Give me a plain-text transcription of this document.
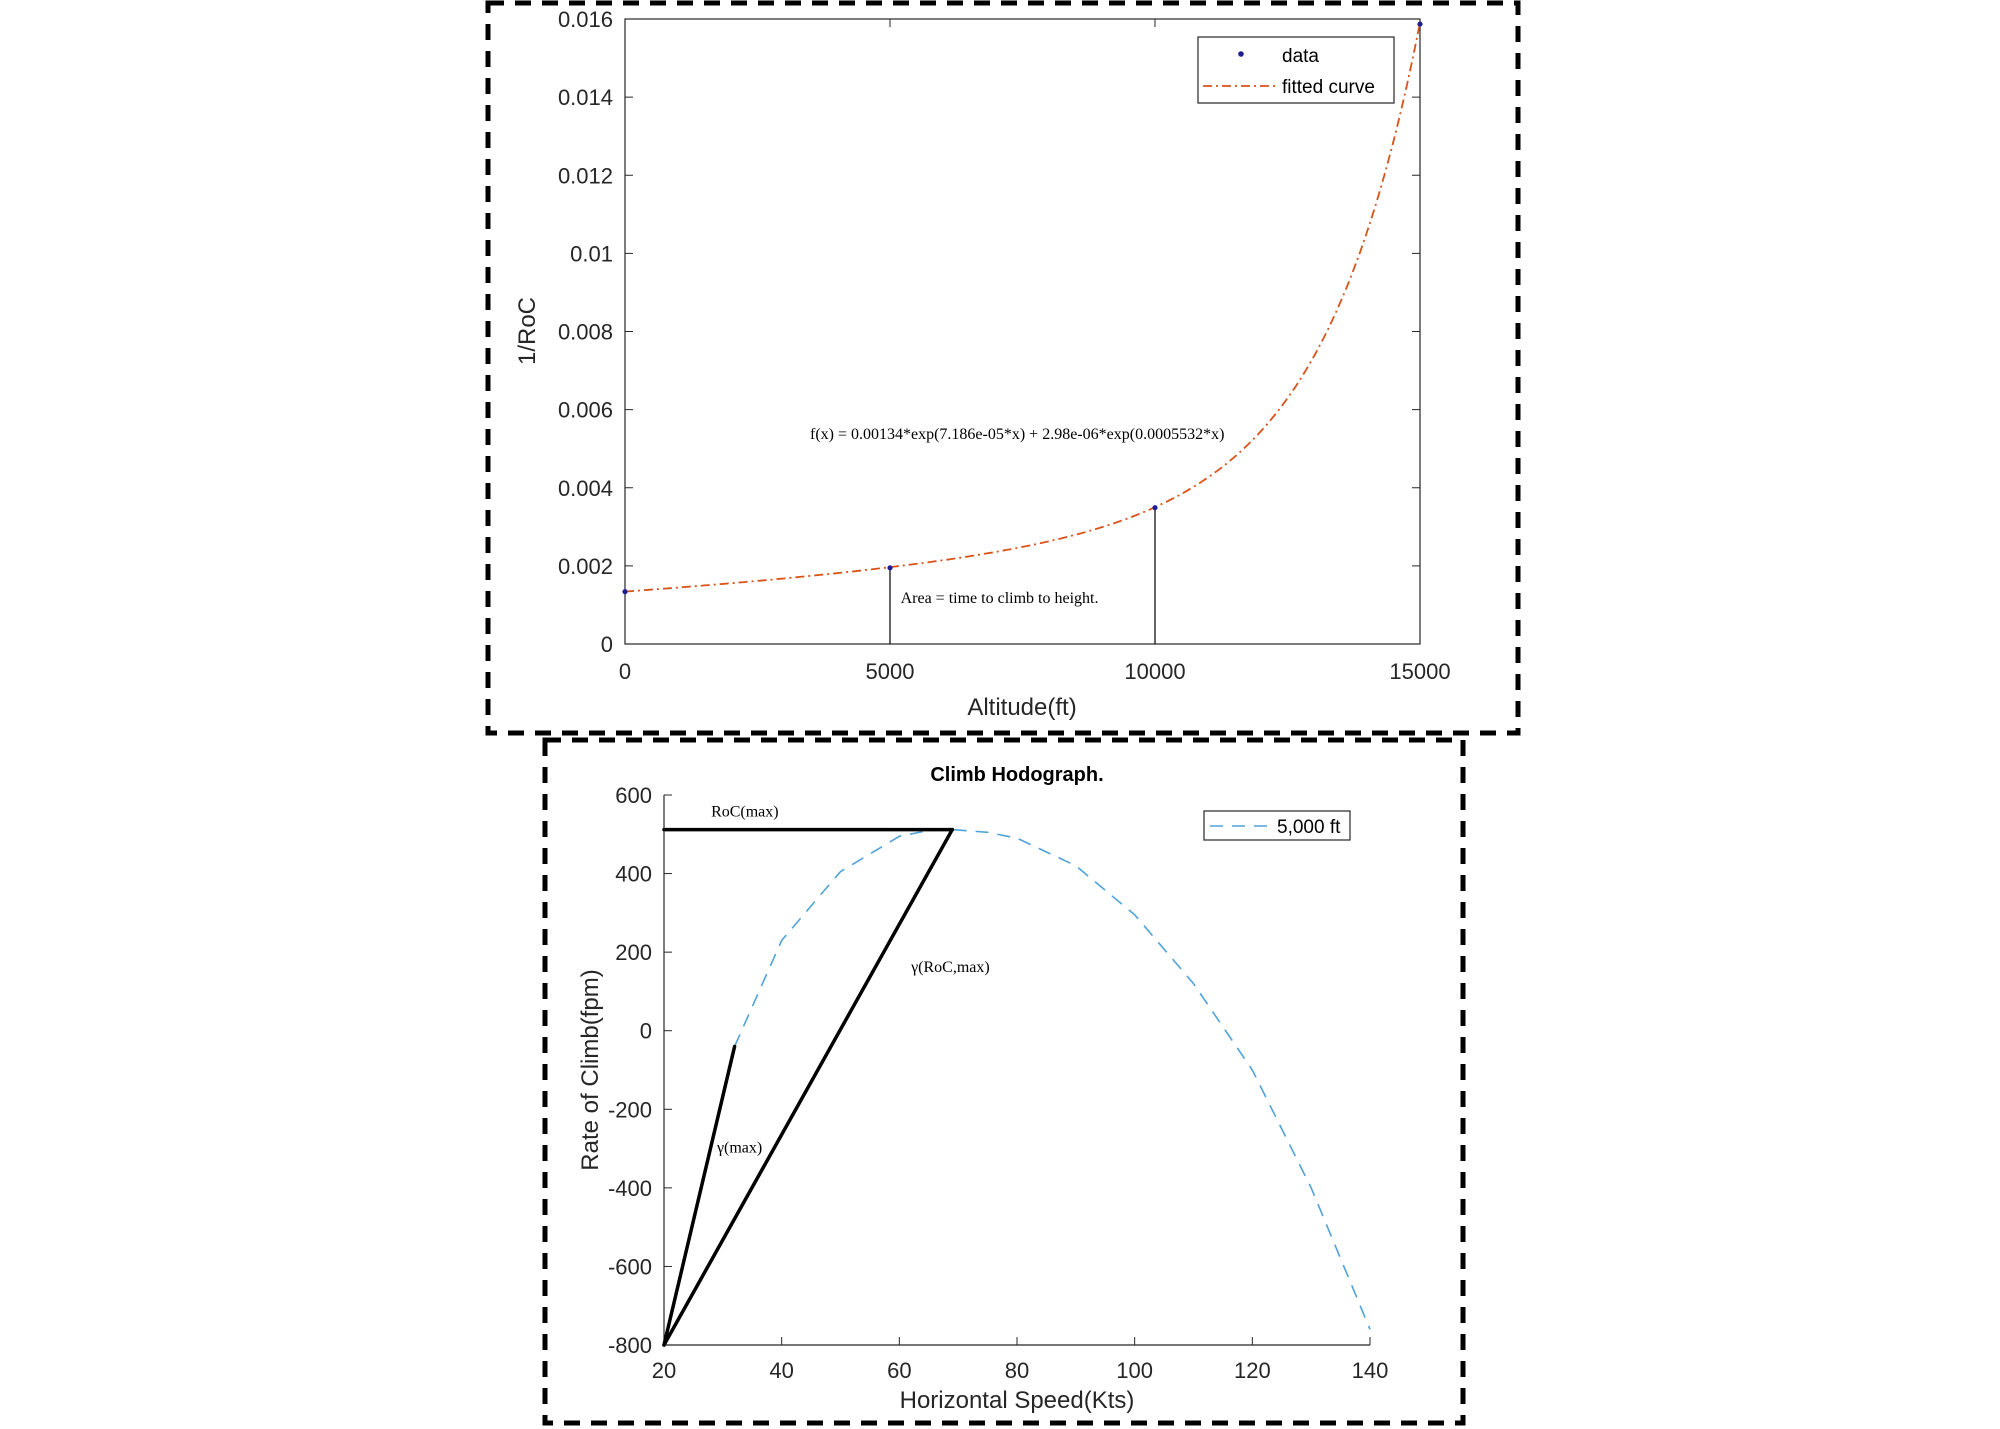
0
0.002
0.004
0.006
0.008
0.01
0.012
0.014
0.016
0	5000	10000	15000
f(x) = 0.00134*exp(7.186e-05*x) + 2.98e-06*exp(0.0005532*x)
Area = time to climb to height.
Altitude(ft)
1/RoC
data
fitted curve
-800
-600
-400
-200
0
200
400
600
20	40	60	80	100	120	140
RoC(max)
γ(RoC,max)
γ(max)
Climb Hodograph.
Horizontal Speed(Kts)
Rate of Climb(fpm)
5,000 ft
